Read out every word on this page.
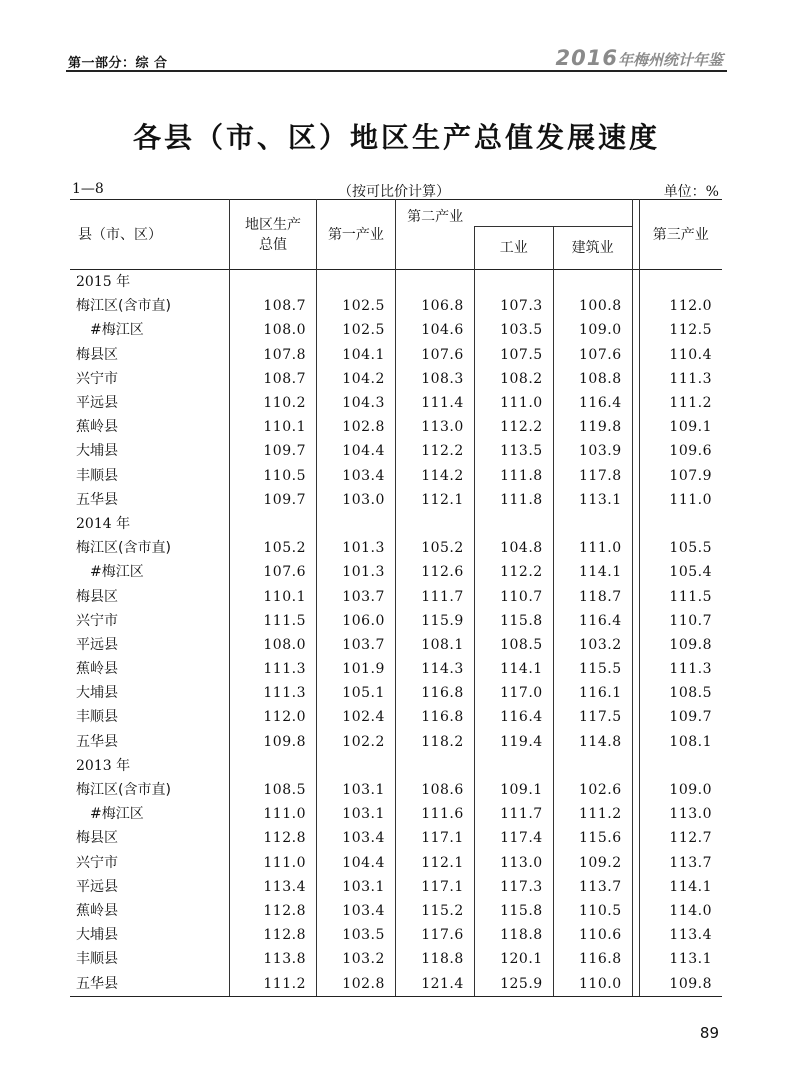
第一部分：综 合	2016年梅州统计年鉴
各县（市、区）地区生产总值发展速度
1—8	（按可比价计算）	单位：%
县（市、区）	地区生产
总值	第一产业	第二产业				第三产业
				工业	建筑业		
2015 年							
梅江区(含市直)	108.7	102.5	106.8	107.3	100.8		112.0
#梅江区	108.0	102.5	104.6	103.5	109.0		112.5
梅县区	107.8	104.1	107.6	107.5	107.6		110.4
兴宁市	108.7	104.2	108.3	108.2	108.8		111.3
平远县	110.2	104.3	111.4	111.0	116.4		111.2
蕉岭县	110.1	102.8	113.0	112.2	119.8		109.1
大埔县	109.7	104.4	112.2	113.5	103.9		109.6
丰顺县	110.5	103.4	114.2	111.8	117.8		107.9
五华县	109.7	103.0	112.1	111.8	113.1		111.0
2014 年							
梅江区(含市直)	105.2	101.3	105.2	104.8	111.0		105.5
#梅江区	107.6	101.3	112.6	112.2	114.1		105.4
梅县区	110.1	103.7	111.7	110.7	118.7		111.5
兴宁市	111.5	106.0	115.9	115.8	116.4		110.7
平远县	108.0	103.7	108.1	108.5	103.2		109.8
蕉岭县	111.3	101.9	114.3	114.1	115.5		111.3
大埔县	111.3	105.1	116.8	117.0	116.1		108.5
丰顺县	112.0	102.4	116.8	116.4	117.5		109.7
五华县	109.8	102.2	118.2	119.4	114.8		108.1
2013 年							
梅江区(含市直)	108.5	103.1	108.6	109.1	102.6		109.0
#梅江区	111.0	103.1	111.6	111.7	111.2		113.0
梅县区	112.8	103.4	117.1	117.4	115.6		112.7
兴宁市	111.0	104.4	112.1	113.0	109.2		113.7
平远县	113.4	103.1	117.1	117.3	113.7		114.1
蕉岭县	112.8	103.4	115.2	115.8	110.5		114.0
大埔县	112.8	103.5	117.6	118.8	110.6		113.4
丰顺县	113.8	103.2	118.8	120.1	116.8		113.1
五华县	111.2	102.8	121.4	125.9	110.0		109.8
89
